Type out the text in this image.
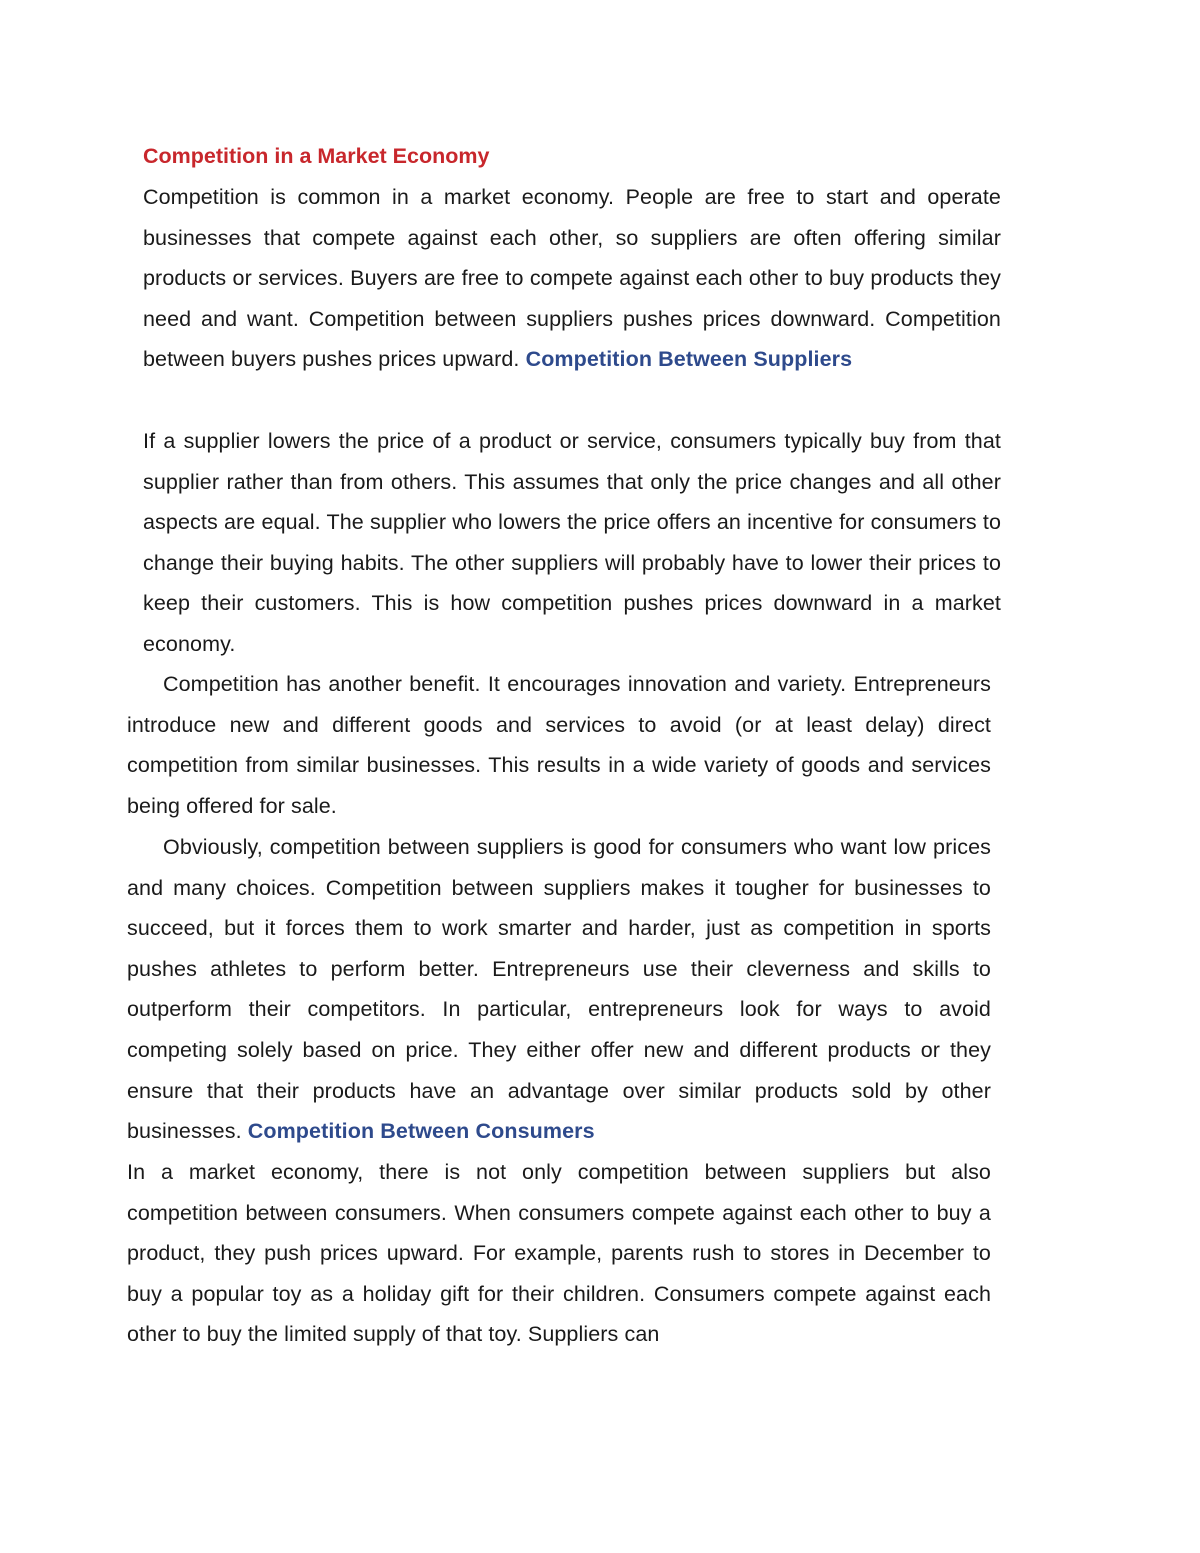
Competition in a Market Economy

Competition is common in a market economy. People are free to start and operate businesses that compete against each other, so suppliers are often offering similar products or services. Buyers are free to compete against each other to buy products they need and want. Competition between suppliers pushes prices downward. Competition between buyers pushes prices upward. Competition Between Suppliers

If a supplier lowers the price of a product or service, consumers typically buy from that supplier rather than from others. This assumes that only the price changes and all other aspects are equal. The supplier who lowers the price offers an incentive for consumers to change their buying habits. The other suppliers will probably have to lower their prices to keep their customers. This is how competition pushes prices downward in a market economy.

Competition has another benefit. It encourages innovation and variety. Entrepreneurs introduce new and different goods and services to avoid (or at least delay) direct competition from similar businesses. This results in a wide variety of goods and services being offered for sale.

Obviously, competition between suppliers is good for consumers who want low prices and many choices. Competition between suppliers makes it tougher for businesses to succeed, but it forces them to work smarter and harder, just as competition in sports pushes athletes to perform better. Entrepreneurs use their cleverness and skills to outperform their competitors. In particular, entrepreneurs look for ways to avoid competing solely based on price. They either offer new and different products or they ensure that their products have an advantage over similar products sold by other businesses. Competition Between Consumers

In a market economy, there is not only competition between suppliers but also competition between consumers. When consumers compete against each other to buy a product, they push prices upward. For example, parents rush to stores in December to buy a popular toy as a holiday gift for their children. Consumers compete against each other to buy the limited supply of that toy. Suppliers can
